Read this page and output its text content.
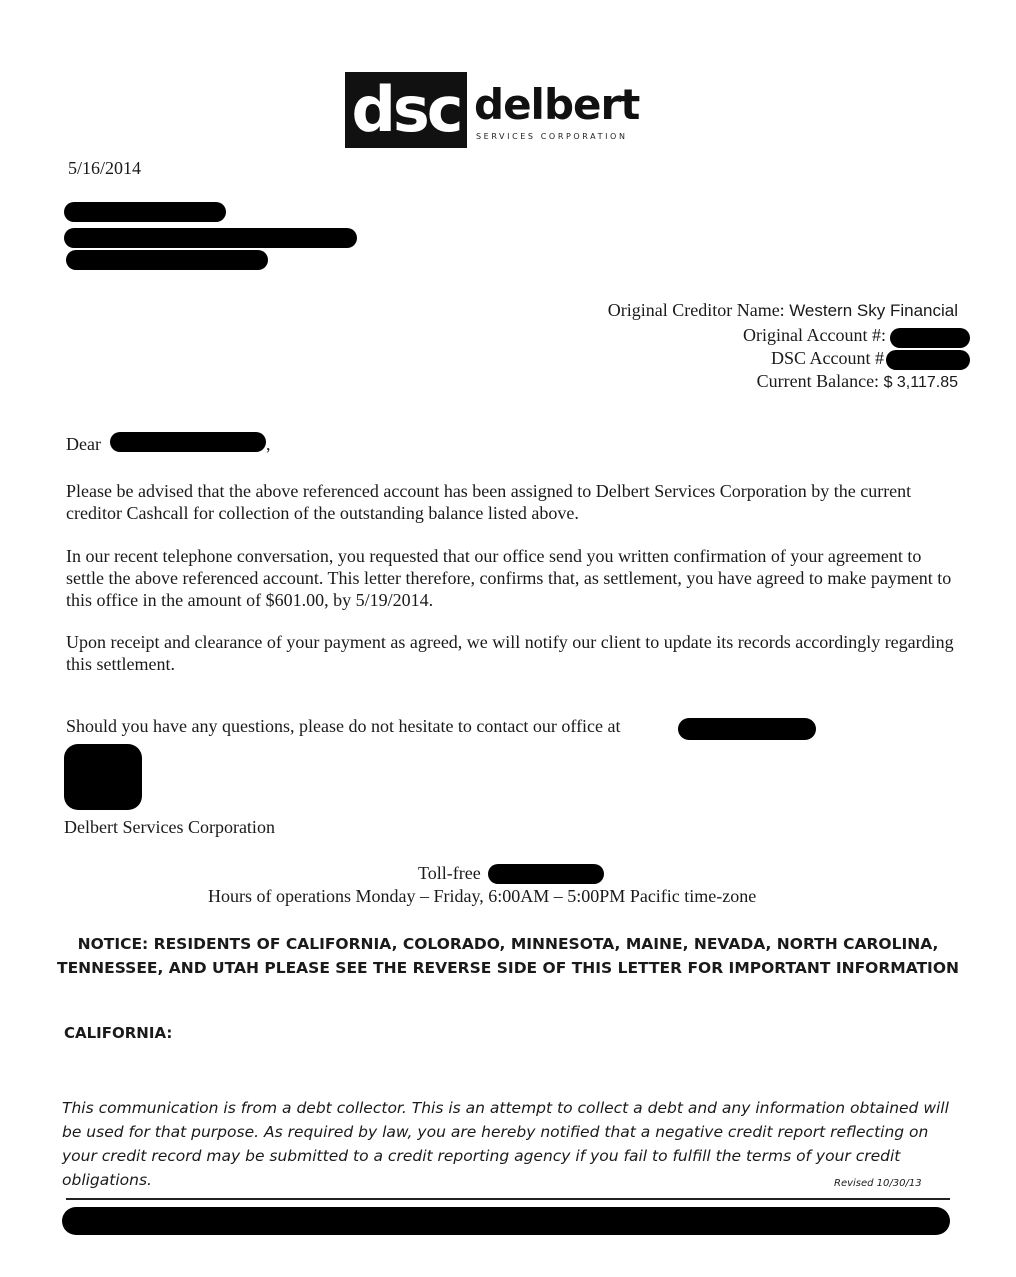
dsc delbert
SERVICES CORPORATION
5/16/2014
Original Creditor Name: Western Sky Financial
Original Account #:
DSC Account #
Current Balance: $ 3,117.85
Dear	,
Please be advised that the above referenced account has been assigned to Delbert Services Corporation by the current creditor Cashcall for collection of the outstanding balance listed above.
In our recent telephone conversation, you requested that our office send you written confirmation of your agreement to settle the above referenced account. This letter therefore, confirms that, as settlement, you have agreed to make payment to this office in the amount of $601.00, by 5/19/2014.
Upon receipt and clearance of your payment as agreed, we will notify our client to update its records accordingly regarding this settlement.
Should you have any questions, please do not hesitate to contact our office at
Delbert Services Corporation
Toll-free
Hours of operations Monday – Friday, 6:00AM – 5:00PM Pacific time-zone
NOTICE: RESIDENTS OF CALIFORNIA, COLORADO, MINNESOTA, MAINE, NEVADA, NORTH CAROLINA,
TENNESSEE, AND UTAH PLEASE SEE THE REVERSE SIDE OF THIS LETTER FOR IMPORTANT INFORMATION
CALIFORNIA:
This communication is from a debt collector. This is an attempt to collect a debt and any information obtained will be used for that purpose. As required by law, you are hereby notified that a negative credit report reflecting on your credit record may be submitted to a credit reporting agency if you fail to fulfill the terms of your credit obligations.	Revised 10/30/13
